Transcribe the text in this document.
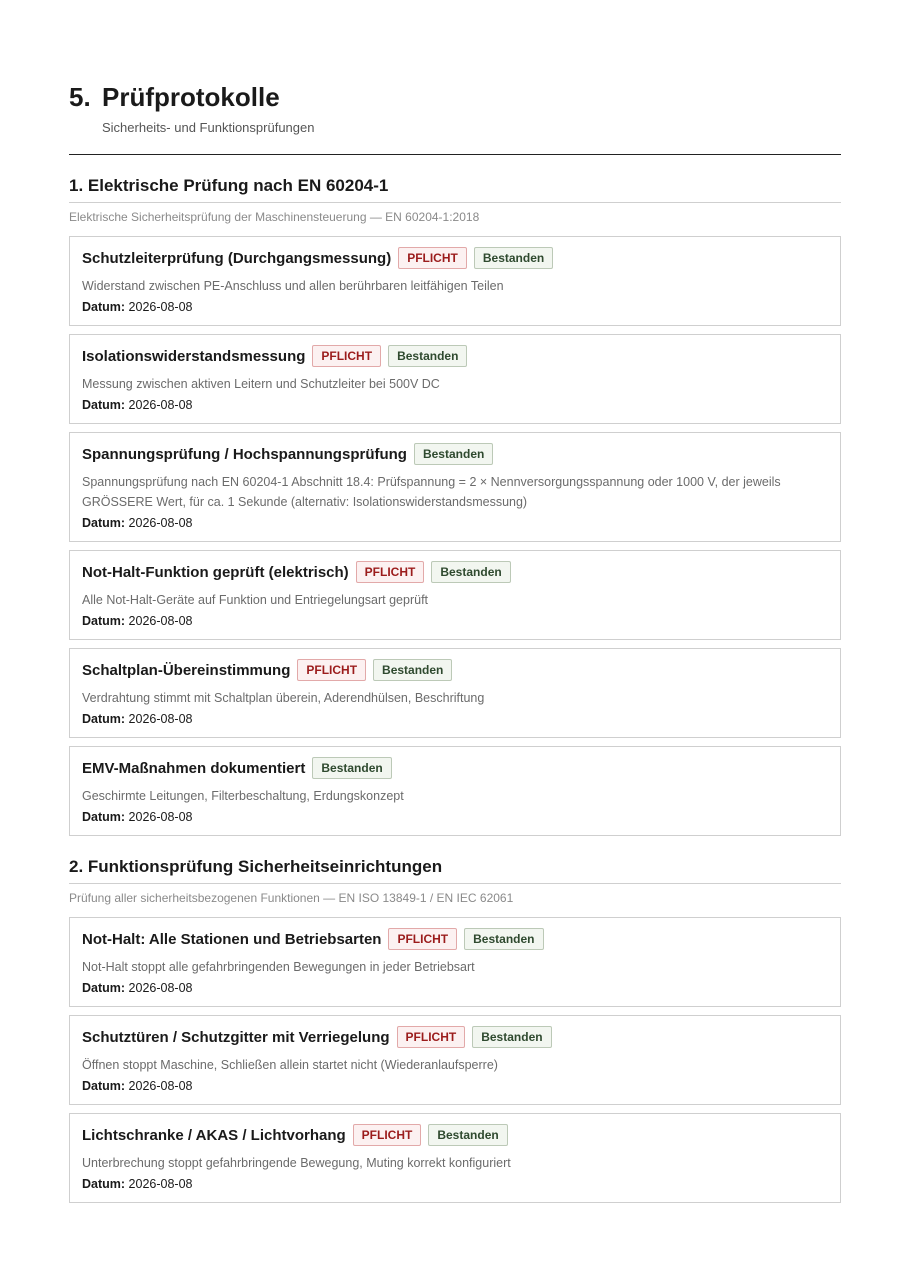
5. Prüfprotokolle
Sicherheits- und Funktionsprüfungen
1. Elektrische Prüfung nach EN 60204-1
Elektrische Sicherheitsprüfung der Maschinensteuerung — EN 60204-1:2018
Schutzleiterprüfung (Durchgangsmessung)	PFLICHT	Bestanden
Widerstand zwischen PE-Anschluss und allen berührbaren leitfähigen Teilen
Datum: 2026-08-08
Isolationswiderstandsmessung	PFLICHT	Bestanden
Messung zwischen aktiven Leitern und Schutzleiter bei 500V DC
Datum: 2026-08-08
Spannungsprüfung / Hochspannungsprüfung	Bestanden
Spannungsprüfung nach EN 60204-1 Abschnitt 18.4: Prüfspannung = 2 × Nennversorgungsspannung oder 1000 V, der jeweils GRÖSSERE Wert, für ca. 1 Sekunde (alternativ: Isolationswiderstandsmessung)
Datum: 2026-08-08
Not-Halt-Funktion geprüft (elektrisch)	PFLICHT	Bestanden
Alle Not-Halt-Geräte auf Funktion und Entriegelungsart geprüft
Datum: 2026-08-08
Schaltplan-Übereinstimmung	PFLICHT	Bestanden
Verdrahtung stimmt mit Schaltplan überein, Aderendhülsen, Beschriftung
Datum: 2026-08-08
EMV-Maßnahmen dokumentiert	Bestanden
Geschirmte Leitungen, Filterbeschaltung, Erdungskonzept
Datum: 2026-08-08
2. Funktionsprüfung Sicherheitseinrichtungen
Prüfung aller sicherheitsbezogenen Funktionen — EN ISO 13849-1 / EN IEC 62061
Not-Halt: Alle Stationen und Betriebsarten	PFLICHT	Bestanden
Not-Halt stoppt alle gefahrbringenden Bewegungen in jeder Betriebsart
Datum: 2026-08-08
Schutztüren / Schutzgitter mit Verriegelung	PFLICHT	Bestanden
Öffnen stoppt Maschine, Schließen allein startet nicht (Wiederanlaufsperre)
Datum: 2026-08-08
Lichtschranke / AKAS / Lichtvorhang	PFLICHT	Bestanden
Unterbrechung stoppt gefahrbringende Bewegung, Muting korrekt konfiguriert
Datum: 2026-08-08
